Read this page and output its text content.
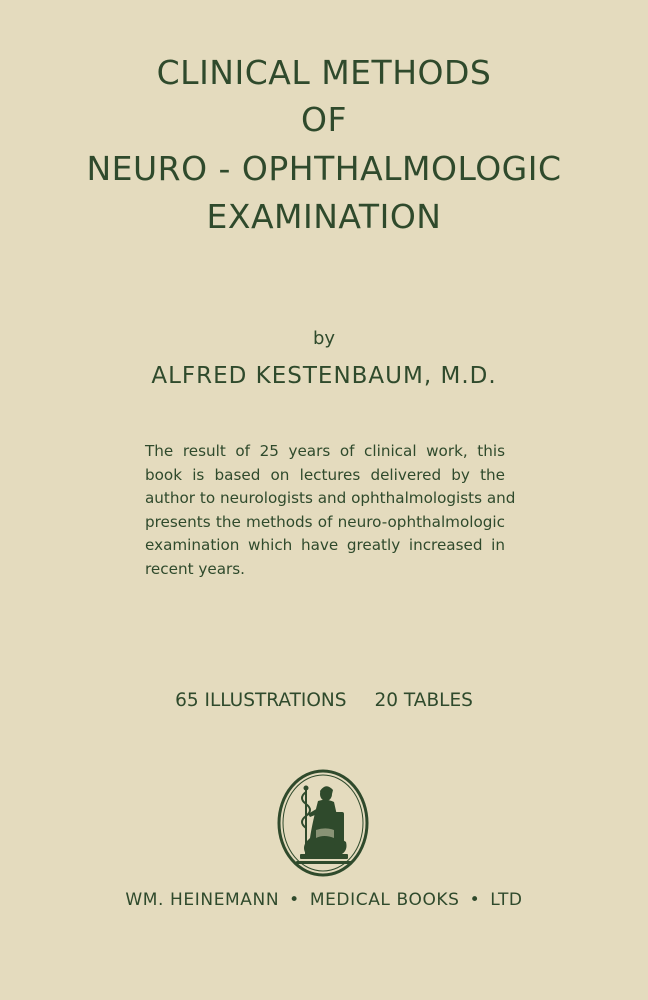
CLINICAL METHODS
OF
NEURO - OPHTHALMOLOGIC
EXAMINATION
by
ALFRED KESTENBAUM, M.D.
The result of 25 years of clinical work, this
book is based on lectures delivered by the
author to neurologists and ophthalmologists and
presents the methods of neuro-ophthalmologic
examination which have greatly increased in
recent years.
65 ILLUSTRATIONS 20 TABLES
WM. HEINEMANN • MEDICAL BOOKS • LTD
